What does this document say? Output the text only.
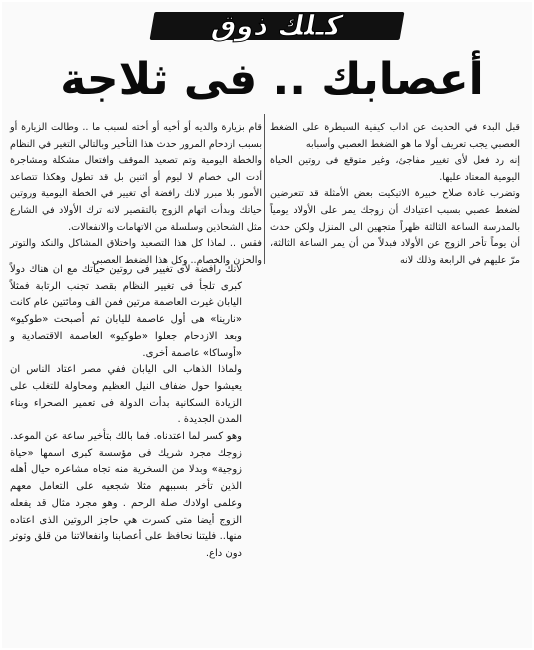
كـلك ذوق
أعصابك .. فى ثلاجة

قبل البدء في الحديث عن اداب كيفية السيطرة على الضغط العصبي يجب تعريف أولا ما هو الضغط العصبي وأسبابه

إنه رد فعل لأى تغيير مفاجئ، وغير متوقع فى روتين الحياة اليومية المعتاد عليها.

وتضرب غادة صلاح خبيرة الاتيكيت بعض الأمثلة قد تتعرضين لضغط عصبي بسبب اعتيادك أن زوجك يمر على الأولاد يومياً بالمدرسة الساعة الثالثة ظهراً متجهين الى المنزل ولكن حدث أن يوماً تأخر الزوج عن الأولاد فبدلاً من أن يمر الساعة الثالثة، مرّ عليهم في الرابعة وذلك لانه

قام بزيارة والديه أو أخيه أو أخته لسبب ما .. وطالت الزيارة أو بسبب ازدحام المرور حدث هذا التأخير وبالتالي التغير في النظام والخطة اليومية وتم تصعيد الموقف وافتعال مشكلة ومشاجرة أدت الى خصام لا ليوم أو اثنين بل قد تطول وهكذا تتصاعد الأمور بلا مبرر لانك رافضة أي تغيير في الخطة اليومية وروتين حياتك وبدأت اتهام الزوج بالتقصير لانه ترك الأولاد في الشارع مثل الشحاذين وسلسلة من الاتهامات والانفعالات.

فقس .. لماذا كل هذا التصعيد واختلاق المشاكل والنكد والتوتر والحزن والخصام.. وكل هذا الضغط العصبي

لانك رافضة لأى تغيير فى روتين حياتك مع ان هناك دولاً كبرى تلجأ فى تغيير النظام بقصد تجنب الرتابة فمثلاً اليابان غيرت العاصمة مرتين فمن الف ومائتين عام كانت «نارينا» هى أول عاصمة لليابان ثم أصبحت «طوكيو» وبعد الازدحام جعلوا «طوكيو» العاصمة الاقتصادية و «أوساكا» عاصمة أخرى.

ولماذا الذهاب الى اليابان ففي مصر اعتاد الناس ان يعيشوا حول ضفاف النيل العظيم ومحاولة للتغلب على الزيادة السكانية بدأت الدولة فى تعمير الصحراء وبناء المدن الجديدة .

وهو كسر لما اعتدناه. فما بالك بتأخير ساعة عن الموعد. زوجك مجرد شريك فى مؤسسة كبرى اسمها «حياة زوجية» وبدلا من السخرية منه تجاه مشاعره حيال أهله الذين تأخر بسببهم مثلا شجعيه على التعامل معهم وعلمى اولادك صلة الرحم . وهو مجرد مثال قد يفعله الزوج أيضا متى كسرت هي حاجز الروتين الذى اعتاده منها.. فليتنا نحافظ على أعصابنا وانفعالاتنا من قلق وتوتر دون داع.
